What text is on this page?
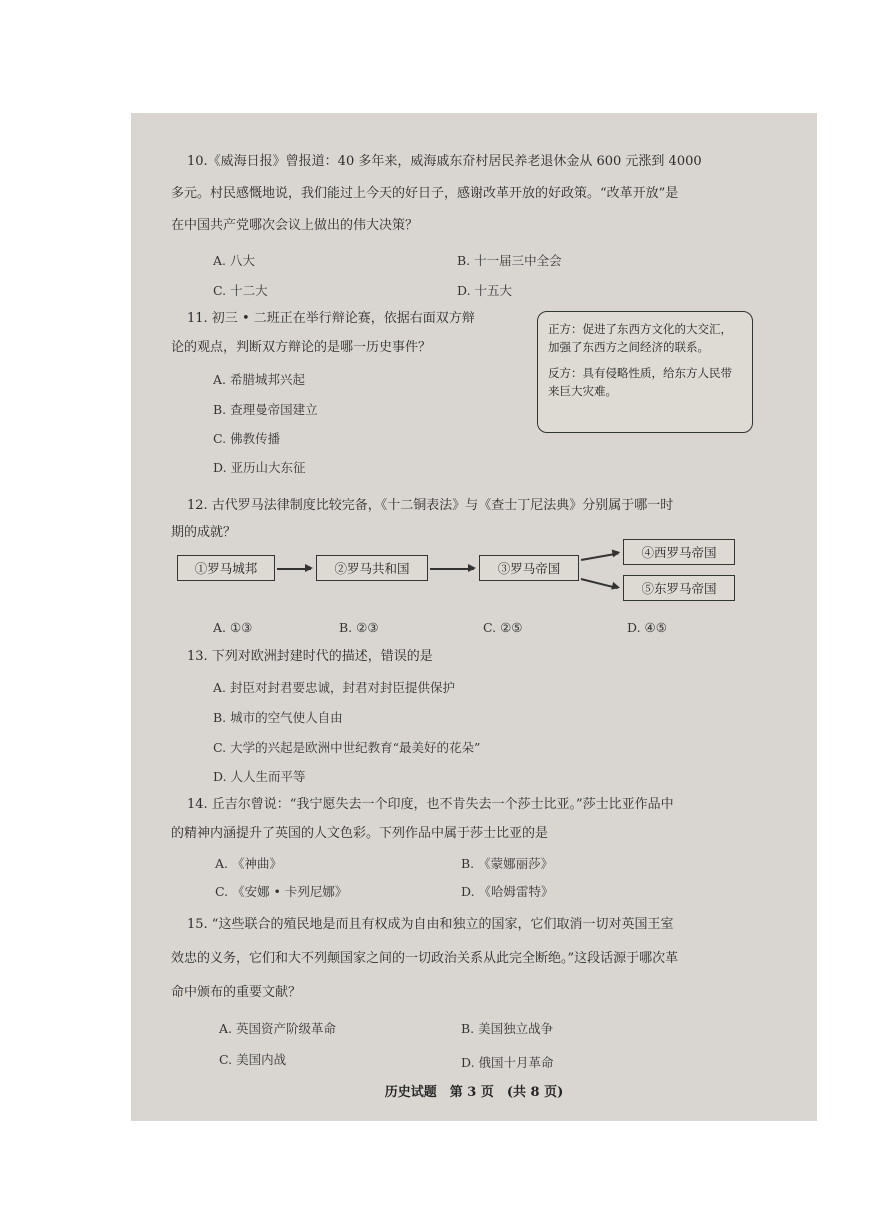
10.《威海日报》曾报道：40 多年来，威海戚东夼村居民养老退休金从 600 元涨到 4000
多元。村民感慨地说，我们能过上今天的好日子，感谢改革开放的好政策。“改革开放”是
在中国共产党哪次会议上做出的伟大决策？
A. 八大	B. 十一届三中全会
C. 十二大	D. 十五大
11. 初三 • 二班正在举行辩论赛，依据右面双方辩
论的观点，判断双方辩论的是哪一历史事件？
A. 希腊城邦兴起
B. 查理曼帝国建立
C. 佛教传播
D. 亚历山大东征
正方：促进了东西方文化的大交汇，
加强了东西方之间经济的联系。
反方：具有侵略性质，给东方人民带
来巨大灾难。
12. 古代罗马法律制度比较完备，《十二铜表法》与《查士丁尼法典》分别属于哪一时
期的成就？
①罗马城邦	②罗马共和国	③罗马帝国
④西罗马帝国
⑤东罗马帝国
A. ①③	B. ②③	C. ②⑤	D. ④⑤
13. 下列对欧洲封建时代的描述，错误的是
A. 封臣对封君要忠诚，封君对封臣提供保护
B. 城市的空气使人自由
C. 大学的兴起是欧洲中世纪教育“最美好的花朵”
D. 人人生而平等
14. 丘吉尔曾说：“我宁愿失去一个印度，也不肯失去一个莎士比亚。”莎士比亚作品中
的精神内涵提升了英国的人文色彩。下列作品中属于莎士比亚的是
A. 《神曲》	B. 《蒙娜丽莎》
C. 《安娜 • 卡列尼娜》	D. 《哈姆雷特》
15. “这些联合的殖民地是而且有权成为自由和独立的国家，它们取消一切对英国王室
效忠的义务，它们和大不列颠国家之间的一切政治关系从此完全断绝。”这段话源于哪次革
命中颁布的重要文献？
A. 英国资产阶级革命	B. 美国独立战争
C. 美国内战	D. 俄国十月革命
历史试题　第 3 页　(共 8 页)
